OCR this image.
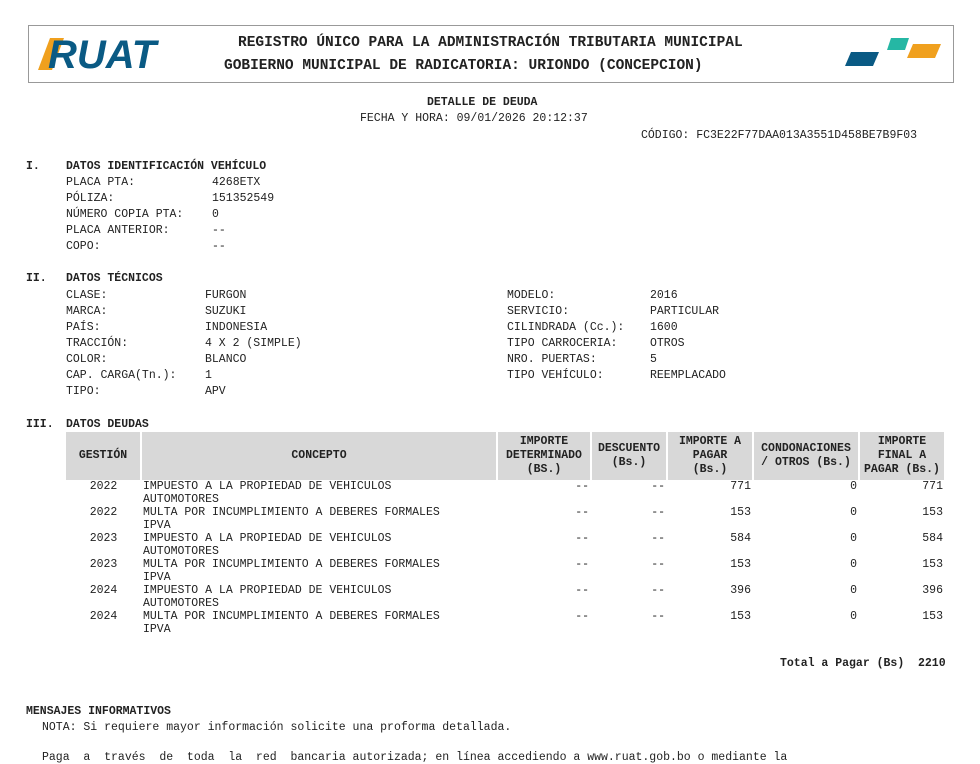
RUAT	REGISTRO ÚNICO PARA LA ADMINISTRACIÓN TRIBUTARIA MUNICIPAL
GOBIERNO MUNICIPAL DE RADICATORIA: URIONDO (CONCEPCION)
DETALLE DE DEUDA
FECHA Y HORA: 09/01/2026 20:12:37
CÓDIGO: FC3E22F77DAA013A3551D458BE7B9F03
I. DATOS IDENTIFICACIÓN VEHÍCULO
PLACA PTA:	4268ETX
PÓLIZA:	151352549
NÚMERO COPIA PTA: 0
PLACA ANTERIOR:	--
COPO:	--
II. DATOS TÉCNICOS
CLASE:	FURGON
MARCA:	SUZUKI
PAÍS:	INDONESIA
TRACCIÓN:	4 X 2 (SIMPLE)
COLOR:	BLANCO
CAP. CARGA(Tn.): 1
TIPO:	APV
MODELO:	2016
SERVICIO:	PARTICULAR
CILINDRADA (Cc.): 1600
TIPO CARROCERIA:	OTROS
NRO. PUERTAS:	5
TIPO VEHÍCULO:	REEMPLACADO
III. DATOS DEUDAS
GESTIÓN	CONCEPTO	IMPORTE
DETERMINADO
(BS.)	DESCUENTO
(Bs.)	IMPORTE A
PAGAR
(Bs.)	CONDONACIONES
/ OTROS (Bs.)	IMPORTE
FINAL A
PAGAR (Bs.)
2022	IMPUESTO A LA PROPIEDAD DE VEHICULOS
AUTOMOTORES	--	--	771	0	771
2022	MULTA POR INCUMPLIMIENTO A DEBERES FORMALES
IPVA	--	--	153	0	153
2023	IMPUESTO A LA PROPIEDAD DE VEHICULOS
AUTOMOTORES	--	--	584	0	584
2023	MULTA POR INCUMPLIMIENTO A DEBERES FORMALES
IPVA	--	--	153	0	153
2024	IMPUESTO A LA PROPIEDAD DE VEHICULOS
AUTOMOTORES	--	--	396	0	396
2024	MULTA POR INCUMPLIMIENTO A DEBERES FORMALES
IPVA	--	--	153	0	153
Total a Pagar (Bs) 2210
MENSAJES INFORMATIVOS
NOTA: Si requiere mayor información solicite una proforma detallada.
Paga  a  través  de  toda  la  red  bancaria autorizada; en línea accediendo a www.ruat.gob.bo o mediante la
